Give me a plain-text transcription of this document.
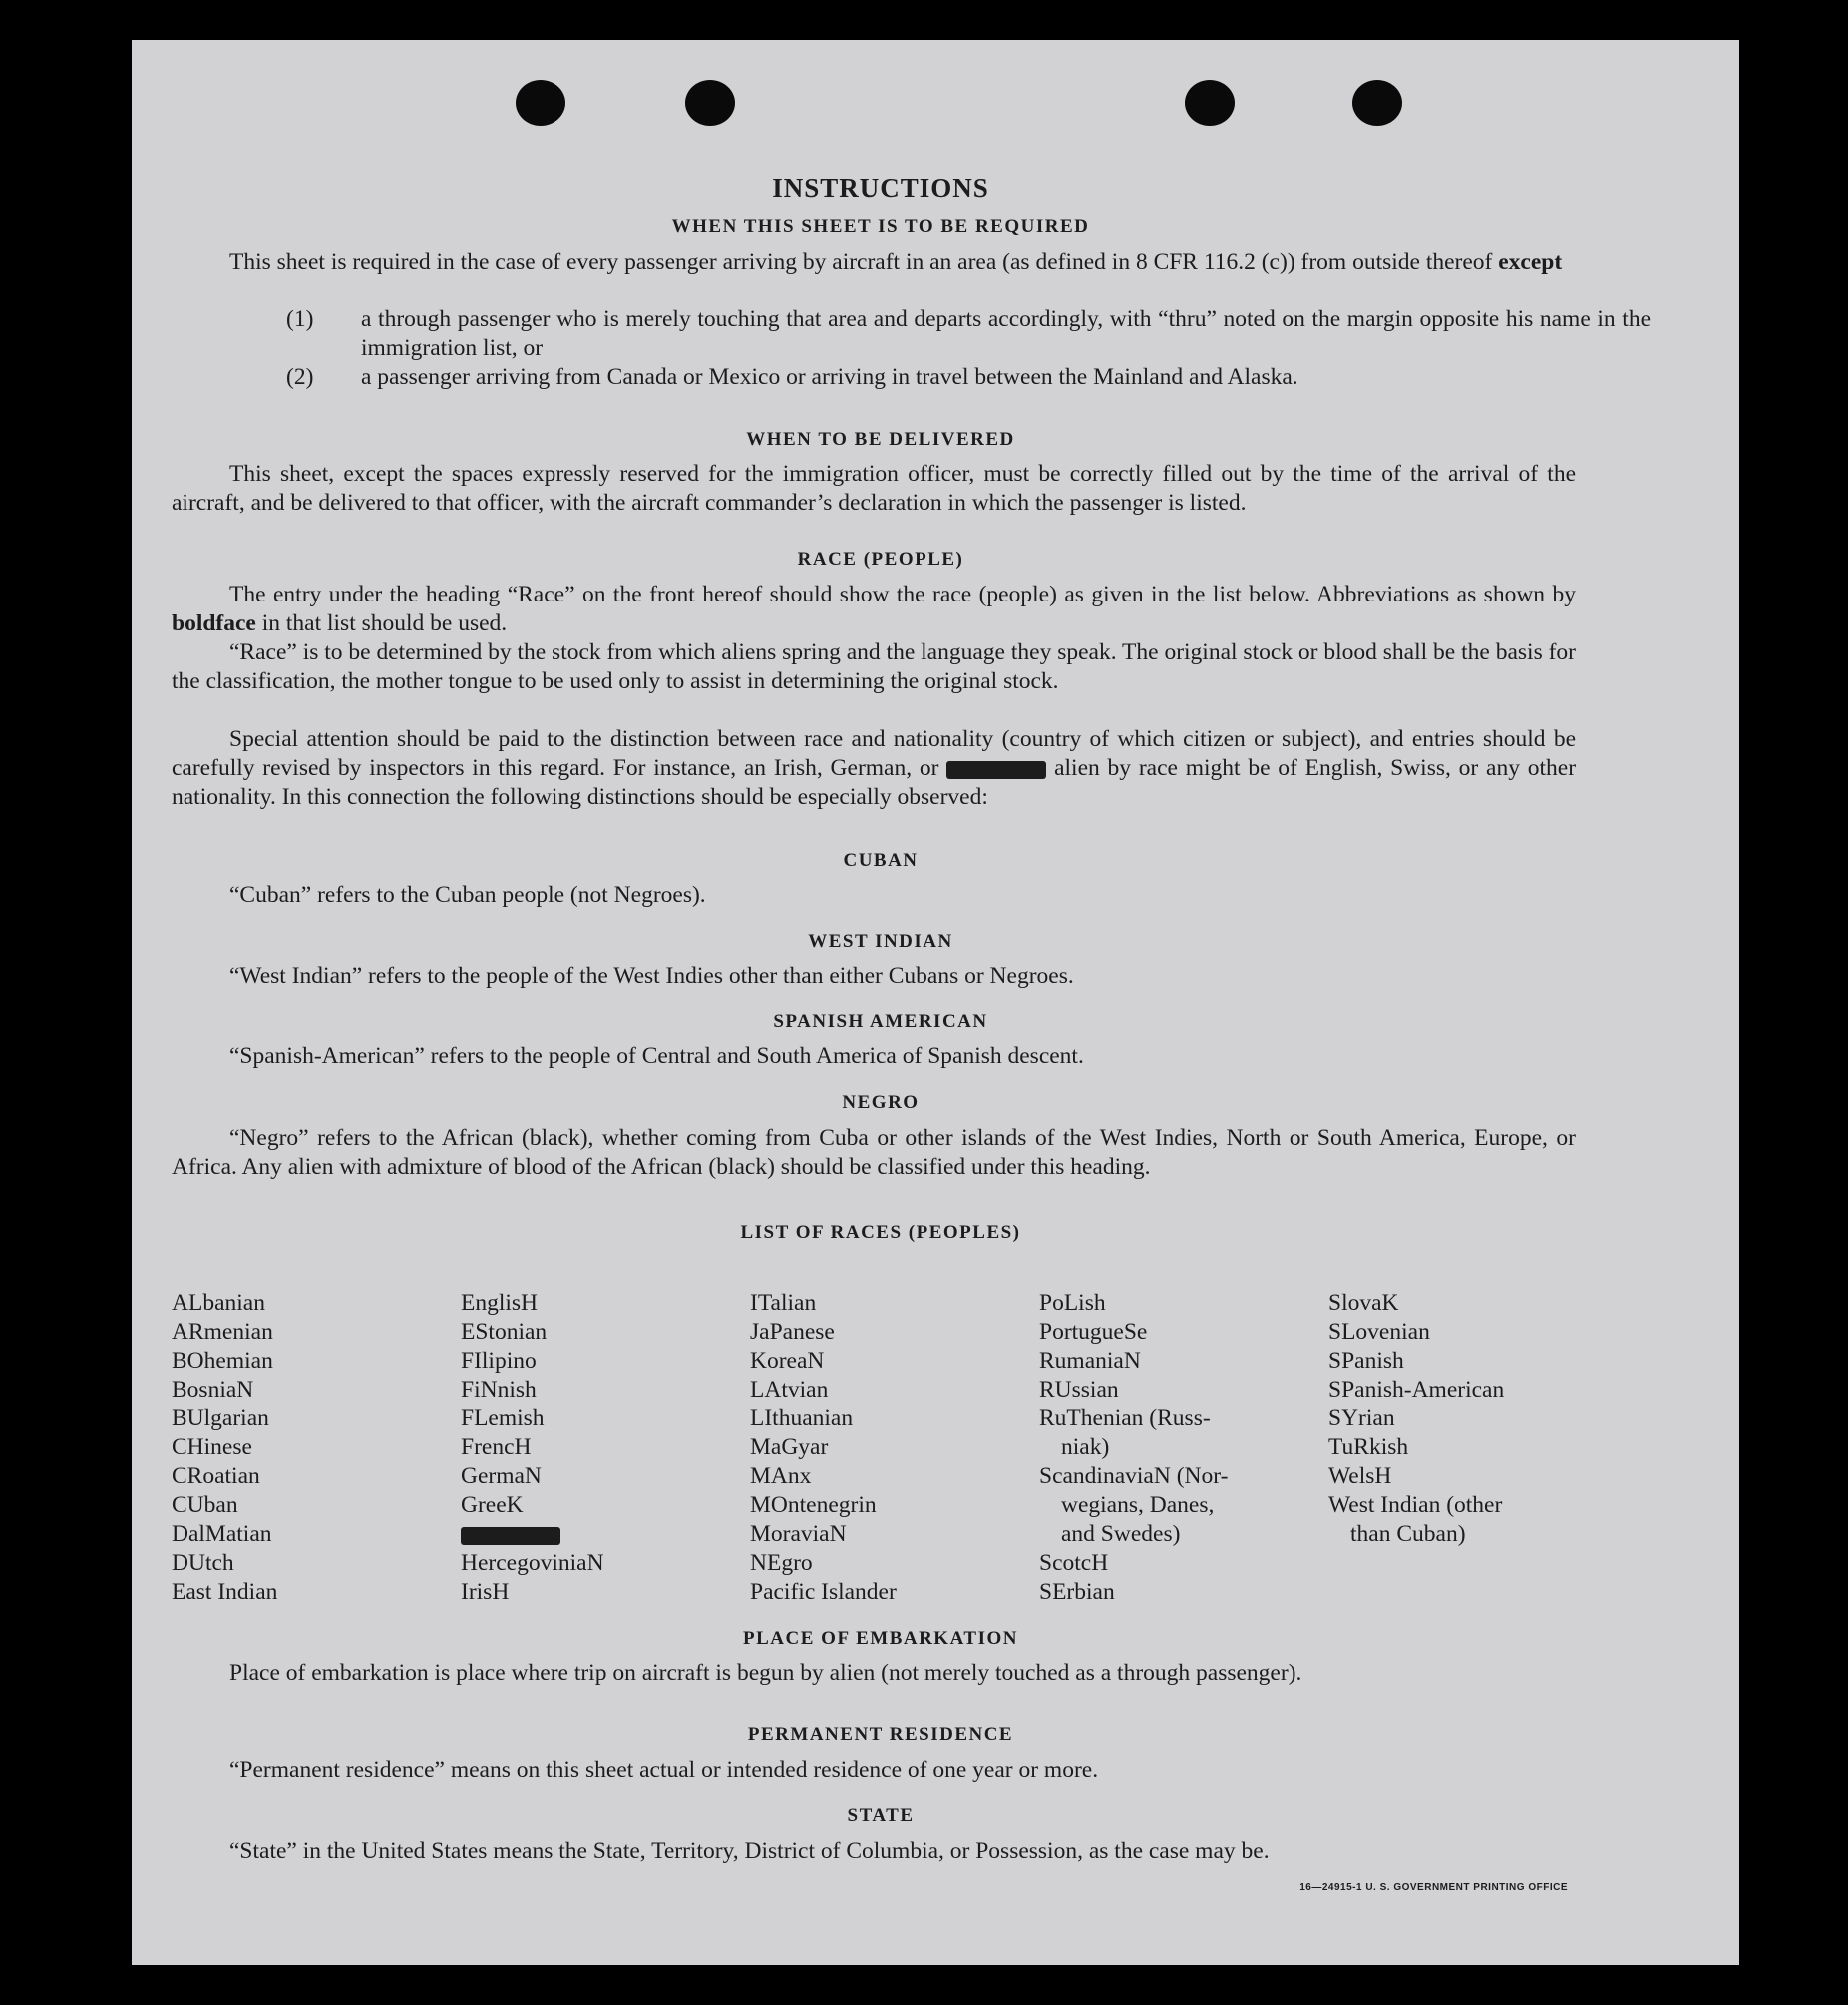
INSTRUCTIONS
WHEN THIS SHEET IS TO BE REQUIRED
This sheet is required in the case of every passenger arriving by aircraft in an area (as defined in 8 CFR 116.2 (c)) from outside thereof except
(1) a through passenger who is merely touching that area and departs accordingly, with “thru” noted on the margin opposite his name in the immigration list, or
(2) a passenger arriving from Canada or Mexico or arriving in travel between the Mainland and Alaska.
WHEN TO BE DELIVERED
This sheet, except the spaces expressly reserved for the immigration officer, must be correctly filled out by the time of the arrival of the aircraft, and be delivered to that officer, with the aircraft commander’s declaration in which the passenger is listed.
RACE (PEOPLE)
The entry under the heading “Race” on the front hereof should show the race (people) as given in the list below. Abbreviations as shown by boldface in that list should be used.
“Race” is to be determined by the stock from which aliens spring and the language they speak. The original stock or blood shall be the basis for the classification, the mother tongue to be used only to assist in determining the original stock.
Special attention should be paid to the distinction between race and nationality (country of which citizen or subject), and entries should be carefully revised by inspectors in this regard. For instance, an Irish, German, or	alien by race might be of English, Swiss, or any other nationality. In this connection the following distinctions should be especially observed:
CUBAN
“Cuban” refers to the Cuban people (not Negroes).
WEST INDIAN
“West Indian” refers to the people of the West Indies other than either Cubans or Negroes.
SPANISH AMERICAN
“Spanish-American” refers to the people of Central and South America of Spanish descent.
NEGRO
“Negro” refers to the African (black), whether coming from Cuba or other islands of the West Indies, North or South America, Europe, or Africa. Any alien with admixture of blood of the African (black) should be classified under this heading.
LIST OF RACES (PEOPLES)
ALbanian
ARmenian
BOhemian
BosniaN
BUlgarian
CHinese
CRoatian
CUban
DalMatian
DUtch
East Indian
EnglisH
EStonian
FIlipino
FiNnish
FLemish
FrencH
GermaN
GreeK
HercegoviniaN
IrisH
ITalian
JaPanese
KoreaN
LAtvian
LIthuanian
MaGyar
MAnx
MOntenegrin
MoraviaN
NEgro
Pacific Islander
PoLish
PortugueSe
RumaniaN
RUssian
RuThenian (Russ-
niak)
ScandinaviaN (Nor-
wegians, Danes,
and Swedes)
ScotcH
SErbian
SlovaK
SLovenian
SPanish
SPanish-American
SYrian
TuRkish
WelsH
West Indian (other
than Cuban)
PLACE OF EMBARKATION
Place of embarkation is place where trip on aircraft is begun by alien (not merely touched as a through passenger).
PERMANENT RESIDENCE
“Permanent residence” means on this sheet actual or intended residence of one year or more.
STATE
“State” in the United States means the State, Territory, District of Columbia, or Possession, as the case may be.
16—24915-1 U. S. GOVERNMENT PRINTING OFFICE
